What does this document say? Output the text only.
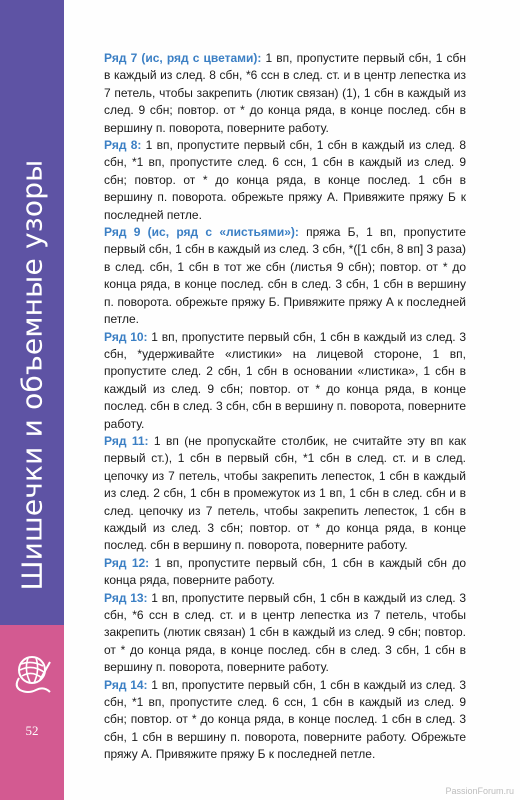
Шишечки и объемные узоры
52

Ряд 7 (ис, ряд с цветами): 1 вп, пропустите первый сбн, 1 сбн в каждый из след. 8 сбн, *6 ссн в след. ст. и в центр лепестка из 7 петель, чтобы закрепить (лютик связан) (1), 1 сбн в каждый из след. 9 сбн; повтор. от * до конца ряда, в конце послед. сбн в вершину п. поворота, поверните работу.

Ряд 8: 1 вп, пропустите первый сбн, 1 сбн в каждый из след. 8 сбн, *1 вп, пропустите след. 6 ссн, 1 сбн в каждый из след. 9 сбн; повтор. от * до конца ряда, в конце послед. 1 сбн в вершину п. поворота. обрежьте пряжу А. Привяжите пряжу Б к последней петле.

Ряд 9 (ис, ряд с «листьями»): пряжа Б, 1 вп, пропустите первый сбн, 1 сбн в каждый из след. 3 сбн, *([1 сбн, 8 вп] 3 раза) в след. сбн, 1 сбн в тот же сбн (листья 9 сбн); повтор. от * до конца ряда, в конце послед. сбн в след. 3 сбн, 1 сбн в вершину п. поворота. обрежьте пряжу Б. Привяжите пряжу А к последней петле.

Ряд 10: 1 вп, пропустите первый сбн, 1 сбн в каждый из след. 3 сбн, *удерживайте «листики» на лицевой стороне, 1 вп, пропустите след. 2 сбн, 1 сбн в основании «листика», 1 сбн в каждый из след. 9 сбн; повтор. от * до конца ряда, в конце послед. сбн в след. 3 сбн, сбн в вершину п. поворота, поверните работу.

Ряд 11: 1 вп (не пропускайте столбик, не считайте эту вп как первый ст.), 1 сбн в первый сбн, *1 сбн в след. ст. и в след. цепочку из 7 петель, чтобы закрепить лепесток, 1 сбн в каждый из след. 2 сбн, 1 сбн в промежуток из 1 вп, 1 сбн в след. сбн и в след. цепочку из 7 петель, чтобы закрепить лепесток, 1 сбн в каждый из след. 3 сбн; повтор. от * до конца ряда, в конце послед. сбн в вершину п. поворота, поверните работу.

Ряд 12: 1 вп, пропустите первый сбн, 1 сбн в каждый сбн до конца ряда, поверните работу.

Ряд 13: 1 вп, пропустите первый сбн, 1 сбн в каждый из след. 3 сбн, *6 ссн в след. ст. и в центр лепестка из 7 петель, чтобы закрепить (лютик связан) 1 сбн в каждый из след. 9 сбн; повтор. от * до конца ряда, в конце послед. сбн в след. 3 сбн, 1 сбн в вершину п. поворота, поверните работу.

Ряд 14: 1 вп, пропустите первый сбн, 1 сбн в каждый из след. 3 сбн, *1 вп, пропустите след. 6 ссн, 1 сбн в каждый из след. 9 сбн; повтор. от * до конца ряда, в конце послед. 1 сбн в след. 3 сбн, 1 сбн в вершину п. поворота, поверните работу. Обрежьте пряжу А. Привяжите пряжу Б к последней петле.

PassionForum.ru
